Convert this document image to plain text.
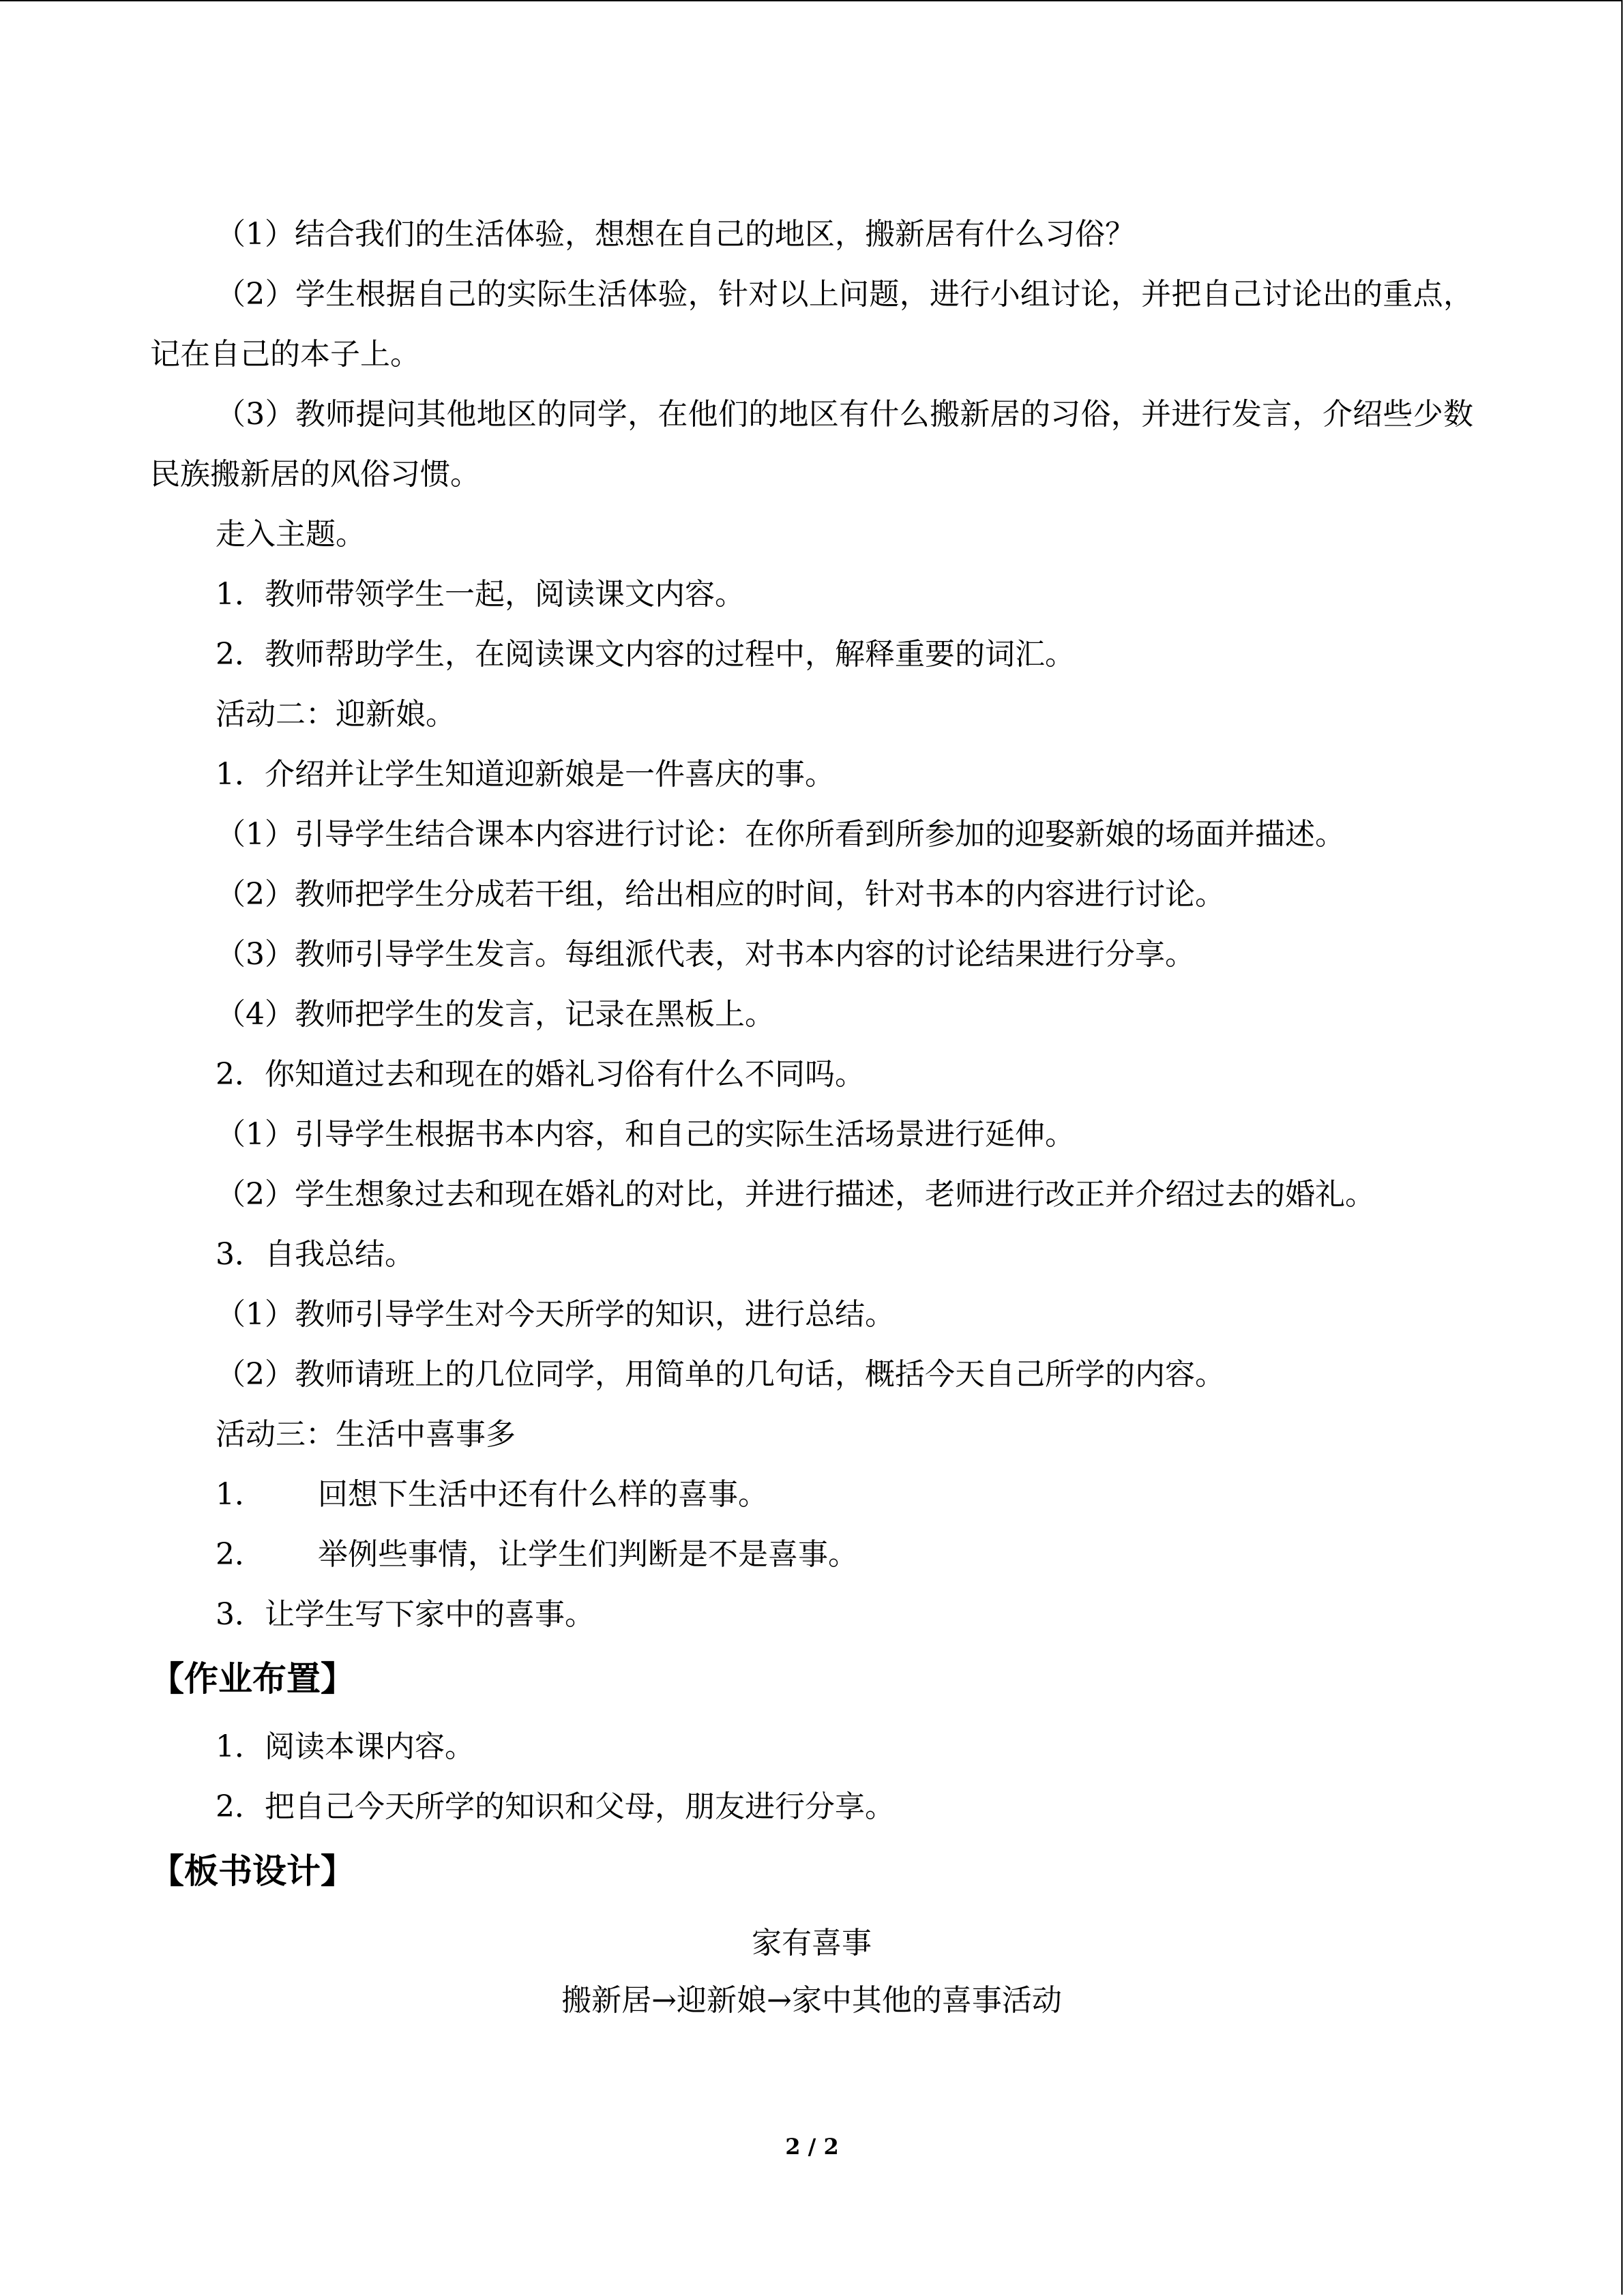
（1）结合我们的生活体验，想想在自己的地区，搬新居有什么习俗？

（2）学生根据自己的实际生活体验，针对以上问题，进行小组讨论，并把自己讨论出的重点，记在自己的本子上。

（3）教师提问其他地区的同学，在他们的地区有什么搬新居的习俗，并进行发言，介绍些少数民族搬新居的风俗习惯。

走入主题。

1．教师带领学生一起，阅读课文内容。

2．教师帮助学生，在阅读课文内容的过程中，解释重要的词汇。

活动二：迎新娘。

1．介绍并让学生知道迎新娘是一件喜庆的事。

（1）引导学生结合课本内容进行讨论：在你所看到所参加的迎娶新娘的场面并描述。

（2）教师把学生分成若干组，给出相应的时间，针对书本的内容进行讨论。

（3）教师引导学生发言。每组派代表，对书本内容的讨论结果进行分享。

（4）教师把学生的发言，记录在黑板上。

2．你知道过去和现在的婚礼习俗有什么不同吗。

（1）引导学生根据书本内容，和自己的实际生活场景进行延伸。

（2）学生想象过去和现在婚礼的对比，并进行描述，老师进行改正并介绍过去的婚礼。

3．自我总结。

（1）教师引导学生对今天所学的知识，进行总结。

（2）教师请班上的几位同学，用简单的几句话，概括今天自己所学的内容。

活动三：生活中喜事多

1． 回想下生活中还有什么样的喜事。

2． 举例些事情，让学生们判断是不是喜事。

3．让学生写下家中的喜事。

【作业布置】

1．阅读本课内容。

2．把自己今天所学的知识和父母，朋友进行分享。

【板书设计】

家有喜事

搬新居→迎新娘→家中其他的喜事活动

2 / 2
